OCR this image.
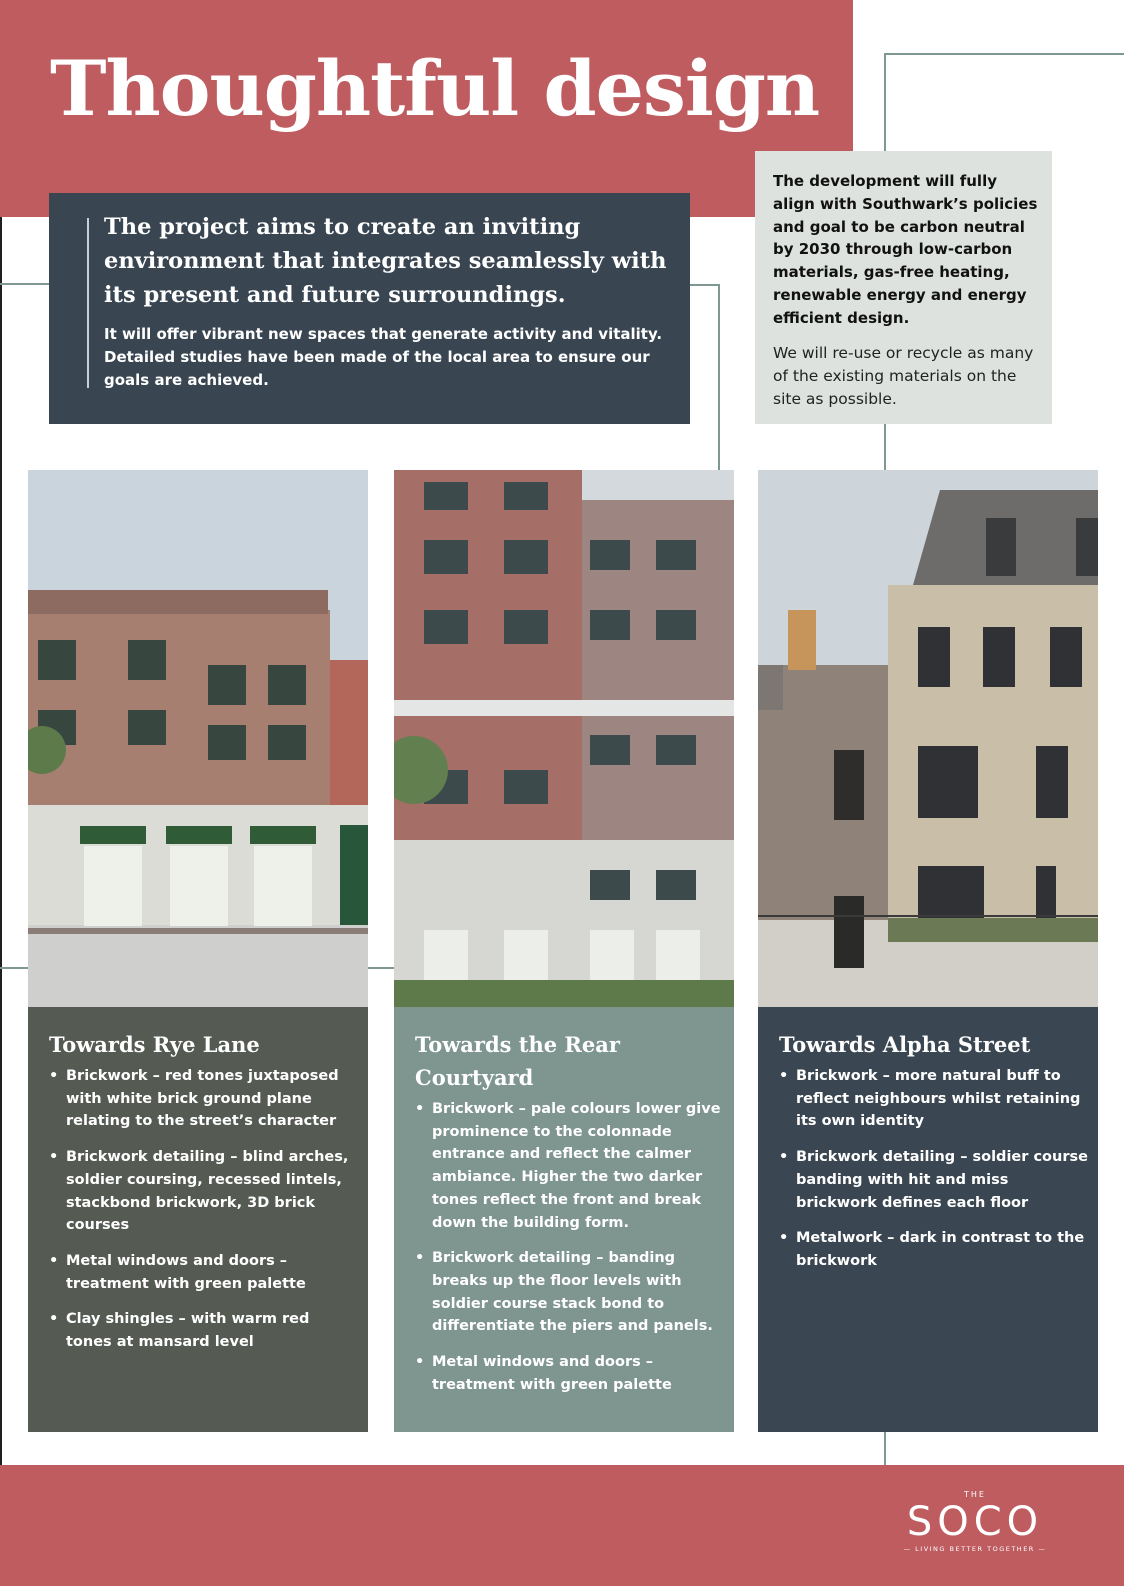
Thoughtful design
The project aims to create an inviting environment that integrates seamlessly with its present and future surroundings.

It will offer vibrant new spaces that generate activity and vitality. Detailed studies have been made of the local area to ensure our goals are achieved.

The development will fully align with Southwark’s policies and goal to be carbon neutral by 2030 through low-carbon materials, gas-free heating, renewable energy and energy efficient design.

We will re-use or recycle as many of the existing materials on the site as possible.

Towards Rye Lane
• Brickwork – red tones juxtaposed with white brick ground plane relating to the street’s character
• Brickwork detailing – blind arches, soldier coursing, recessed lintels, stackbond brickwork, 3D brick courses
• Metal windows and doors – treatment with green palette
• Clay shingles – with warm red tones at mansard level
Towards the Rear Courtyard
• Brickwork – pale colours lower give prominence to the colonnade entrance and reflect the calmer ambiance. Higher the two darker tones reflect the front and break down the building form.
• Brickwork detailing – banding breaks up the floor levels with soldier course stack bond to differentiate the piers and panels.
• Metal windows and doors – treatment with green palette
Towards Alpha Street
• Brickwork – more natural buff to reflect neighbours whilst retaining its own identity
• Brickwork detailing – soldier course banding with hit and miss brickwork defines each floor
• Metalwork – dark in contrast to the brickwork
THE
SOCO
— LIVING BETTER TOGETHER —
